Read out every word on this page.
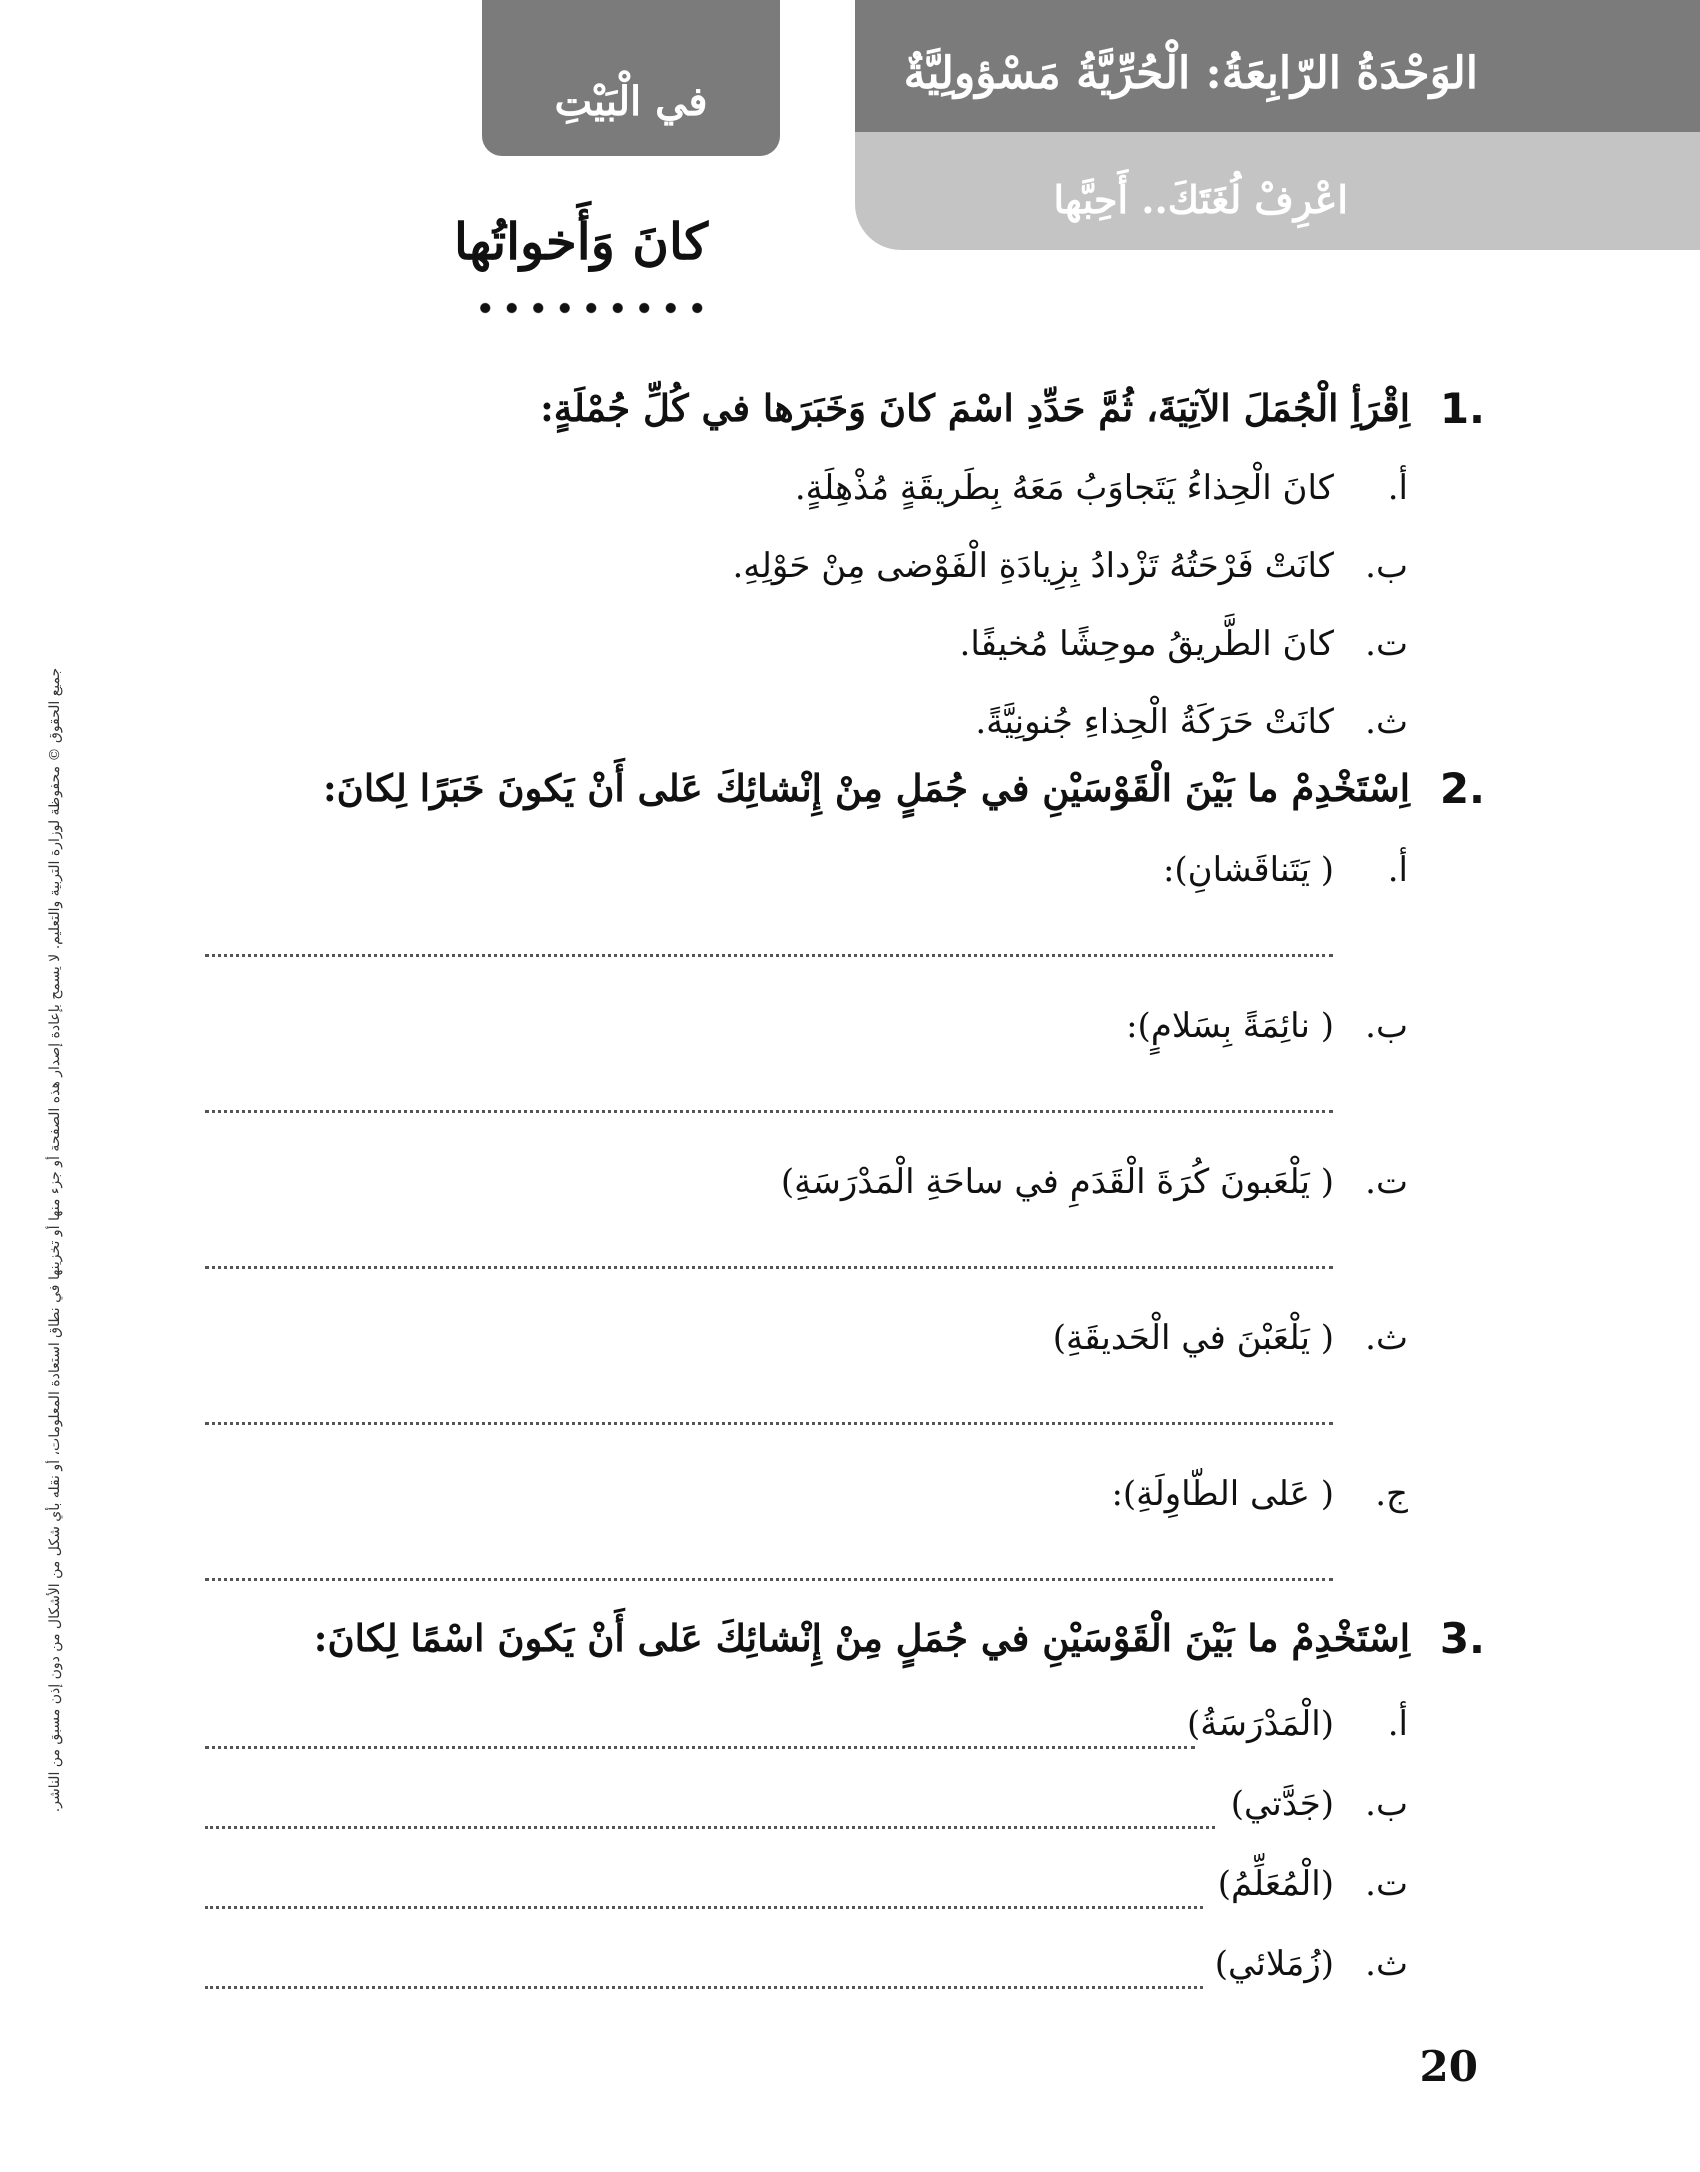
الوَحْدَةُ الرّابِعَةُ: الْحُرِّيَّةُ مَسْؤولِيَّةٌ
اعْرِفْ لُغَتَكَ.. أَحِبَّها
في الْبَيْتِ
كانَ وَأَخواتُها
1.
اِقْرَأِ الْجُمَلَ الآتِيَةَ، ثُمَّ حَدِّدِ اسْمَ كانَ وَخَبَرَها في كُلِّ جُمْلَةٍ:
أ.
كانَ الْحِذاءُ يَتَجاوَبُ مَعَهُ بِطَريقَةٍ مُذْهِلَةٍ.
ب.
كانَتْ فَرْحَتُهُ تَزْدادُ بِزِيادَةِ الْفَوْضى مِنْ حَوْلِهِ.
ت.
كانَ الطَّريقُ موحِشًا مُخيفًا.
ث.
كانَتْ حَرَكَةُ الْحِذاءِ جُنونِيَّةً.
2.
اِسْتَخْدِمْ ما بَيْنَ الْقَوْسَيْنِ في جُمَلٍ مِنْ إِنْشائِكَ عَلى أَنْ يَكونَ خَبَرًا لِكانَ:
أ.
( يَتَناقَشانِ):
ب.
( نائِمَةً بِسَلامٍ):
ت.
( يَلْعَبونَ كُرَةَ الْقَدَمِ في ساحَةِ الْمَدْرَسَةِ)
ث.
( يَلْعَبْنَ في الْحَديقَةِ)
ج.
( عَلى الطّاوِلَةِ):
3.
اِسْتَخْدِمْ ما بَيْنَ الْقَوْسَيْنِ في جُمَلٍ مِنْ إِنْشائِكَ عَلى أَنْ يَكونَ اسْمًا لِكانَ:
أ.
(الْمَدْرَسَةُ)
ب.
(جَدَّتي)
ت.
(الْمُعَلِّمُ)
ث.
(زُمَلائي)
جميع الحقوق © محفوظة لوزارة التربية والتعليم. لا يسمح بإعادة إصدار هذه الصفحة أو جزء منها أو تخزينها في نطاق استعادة المعلومات، أو نقله بأي شكل من الأشكال من دون إذن مسبق من الناشر.
20
